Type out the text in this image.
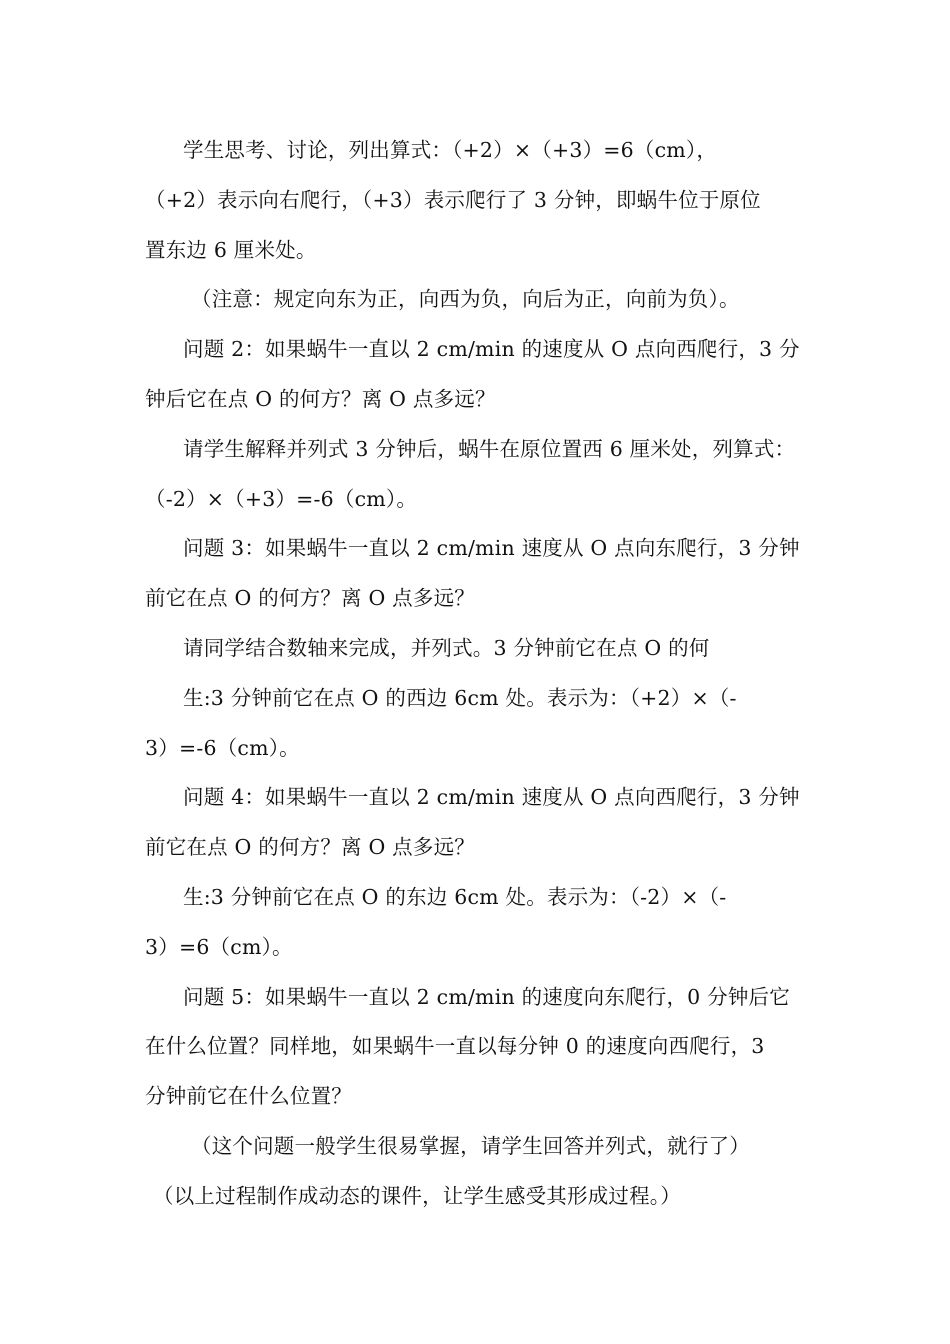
学生思考、讨论，列出算式：（+2）×（+3）=6（cm），
（+2）表示向右爬行，（+3）表示爬行了 3 分钟，即蜗牛位于原位
置东边 6 厘米处。
（注意：规定向东为正，向西为负，向后为正，向前为负）。
问题 2：如果蜗牛一直以 2 cm/min 的速度从 O 点向西爬行，3 分
钟后它在点 O 的何方？离 O 点多远？
请学生解释并列式 3 分钟后，蜗牛在原位置西 6 厘米处，列算式：
（-2）×（+3）=-6（cm）。
问题 3：如果蜗牛一直以 2 cm/min 速度从 O 点向东爬行，3 分钟
前它在点 O 的何方？离 O 点多远？
请同学结合数轴来完成，并列式。3 分钟前它在点 O 的何
生:3 分钟前它在点 O 的西边 6cm 处。表示为：（+2）×（-
3）=-6（cm）。
问题 4：如果蜗牛一直以 2 cm/min 速度从 O 点向西爬行，3 分钟
前它在点 O 的何方？离 O 点多远？
生:3 分钟前它在点 O 的东边 6cm 处。表示为：（-2）×（-
3）=6（cm）。
问题 5：如果蜗牛一直以 2 cm/min 的速度向东爬行，0 分钟后它
在什么位置？同样地，如果蜗牛一直以每分钟 0 的速度向西爬行，3
分钟前它在什么位置？
（这个问题一般学生很易掌握，请学生回答并列式，就行了）
（以上过程制作成动态的课件，让学生感受其形成过程。）
